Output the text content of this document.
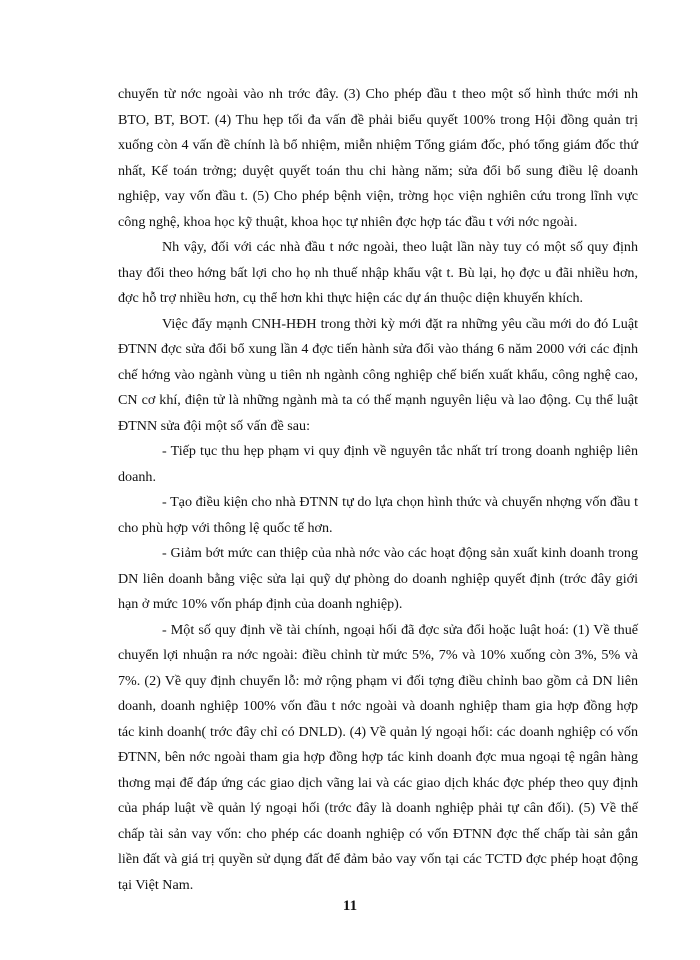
chuyển từ nớc ngoài vào nh trớc đây. (3) Cho phép đầu t theo một số hình thức mới nh BTO, BT, BOT. (4) Thu hẹp tối đa vấn đề phải biểu quyết 100% trong Hội đồng quản trị xuống còn 4 vấn đề chính là bổ nhiệm, miễn nhiệm Tổng giám đốc, phó tổng giám đốc thứ nhất, Kế toán trởng; duyệt quyết toán thu chi hàng năm; sửa đổi bổ sung điều lệ doanh nghiệp, vay vốn đầu t. (5) Cho phép bệnh viện, trờng học viện nghiên cứu trong lĩnh vực công nghệ, khoa học kỹ thuật, khoa học tự nhiên đợc hợp tác đầu t với nớc ngoài.

Nh vậy, đối với các nhà đầu t nớc ngoài, theo luật lần này tuy có một số quy định thay đổi theo hớng bất lợi cho họ nh thuế nhập khẩu vật t. Bù lại, họ đợc u đãi nhiều hơn, đợc hỗ trợ nhiều hơn, cụ thể hơn khi thực hiện các dự án thuộc diện khuyến khích.

Việc đẩy mạnh CNH-HĐH trong thời kỳ mới đặt ra những yêu cầu mới do đó Luật ĐTNN đợc sửa đổi bổ xung lần 4 đợc tiến hành sửa đổi vào tháng 6 năm 2000 với các định chế hớng vào ngành vùng u tiên nh ngành công nghiệp chế biến xuất khẩu, công nghệ cao, CN cơ khí, điện tử là những ngành mà ta có thế mạnh nguyên liệu và lao động. Cụ thể luật ĐTNN sửa đội một số vấn đề sau:

- Tiếp tục thu hẹp phạm vi quy định về nguyên tắc nhất trí trong doanh nghiệp liên doanh.

- Tạo điều kiện cho nhà ĐTNN tự do lựa chọn hình thức và chuyển nhợng vốn đầu t cho phù hợp với thông lệ quốc tế hơn.

- Giảm bớt mức can thiệp của nhà nớc vào các hoạt động sản xuất kinh doanh trong DN liên doanh bằng việc sửa lại quỹ dự phòng do doanh nghiệp quyết định (trớc đây giới hạn ở mức 10% vốn pháp định của doanh nghiệp).

- Một số quy định về tài chính, ngoại hối đã đợc sửa đổi hoặc luật hoá: (1) Về thuế chuyển lợi nhuận ra nớc ngoài: điều chỉnh từ mức 5%, 7% và 10% xuống còn 3%, 5% và 7%. (2) Về quy định chuyển lỗ: mở rộng phạm vi đối tợng điều chỉnh bao gồm cả DN liên doanh, doanh nghiệp 100% vốn đầu t nớc ngoài và doanh nghiệp tham gia hợp đồng hợp tác kinh doanh( trớc đây chỉ có DNLD). (4) Về quản lý ngoại hối: các doanh nghiệp có vốn ĐTNN, bên nớc ngoài tham gia hợp đồng hợp tác kinh doanh đợc mua ngoại tệ ngân hàng thơng mại để đáp ứng các giao dịch vãng lai và các giao dịch khác đợc phép theo quy định của pháp luật về quản lý ngoại hối (trớc đây là doanh nghiệp phải tự cân đối). (5) Về thế chấp tài sản vay vốn: cho phép các doanh nghiệp có vốn ĐTNN đợc thế chấp tài sản gắn liền đất và giá trị quyền sử dụng đất để đảm bảo vay vốn tại các TCTD đợc phép hoạt động tại Việt Nam.

11
